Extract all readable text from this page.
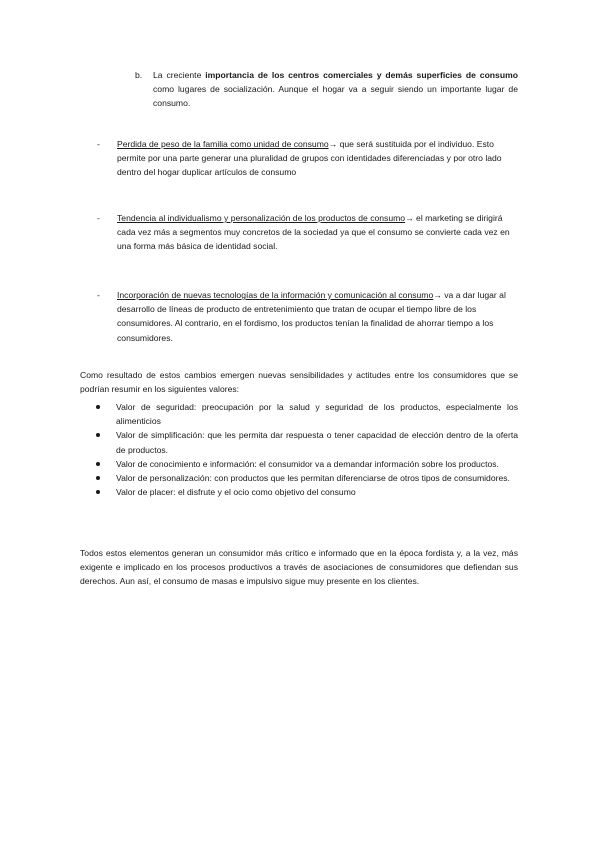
b. La creciente importancia de los centros comerciales y demás superficies de consumo como lugares de socialización. Aunque el hogar va a seguir siendo un importante lugar de consumo.
- Perdida de peso de la familia como unidad de consumo→ que será sustituida por el individuo. Esto permite por una parte generar una pluralidad de grupos con identidades diferenciadas y por otro lado dentro del hogar duplicar artículos de consumo
- Tendencia al individualismo y personalización de los productos de consumo→ el marketing se dirigirá cada vez más a segmentos muy concretos de la sociedad ya que el consumo se convierte cada vez en una forma más básica de identidad social.
- Incorporación de nuevas tecnologías de la información y comunicación al consumo→ va a dar lugar al desarrollo de líneas de producto de entretenimiento que tratan de ocupar el tiempo libre de los consumidores. Al contrario, en el fordismo, los productos tenían la finalidad de ahorrar tiempo a los consumidores.
Como resultado de estos cambios emergen nuevas sensibilidades y actitudes entre los consumidores que se podrían resumir en los siguientes valores:
Valor de seguridad: preocupación por la salud y seguridad de los productos, especialmente los alimenticios
Valor de simplificación: que les permita dar respuesta o tener capacidad de elección dentro de la oferta de productos.
Valor de conocimiento e información: el consumidor va a demandar información sobre los productos.
Valor de personalización: con productos que les permitan diferenciarse de otros tipos de consumidores.
Valor de placer: el disfrute y el ocio como objetivo del consumo
Todos estos elementos generan un consumidor más crítico e informado que en la época fordista y, a la vez, más exigente e implicado en los procesos productivos a través de asociaciones de consumidores que defiendan sus derechos. Aun así, el consumo de masas e impulsivo sigue muy presente en los clientes.
